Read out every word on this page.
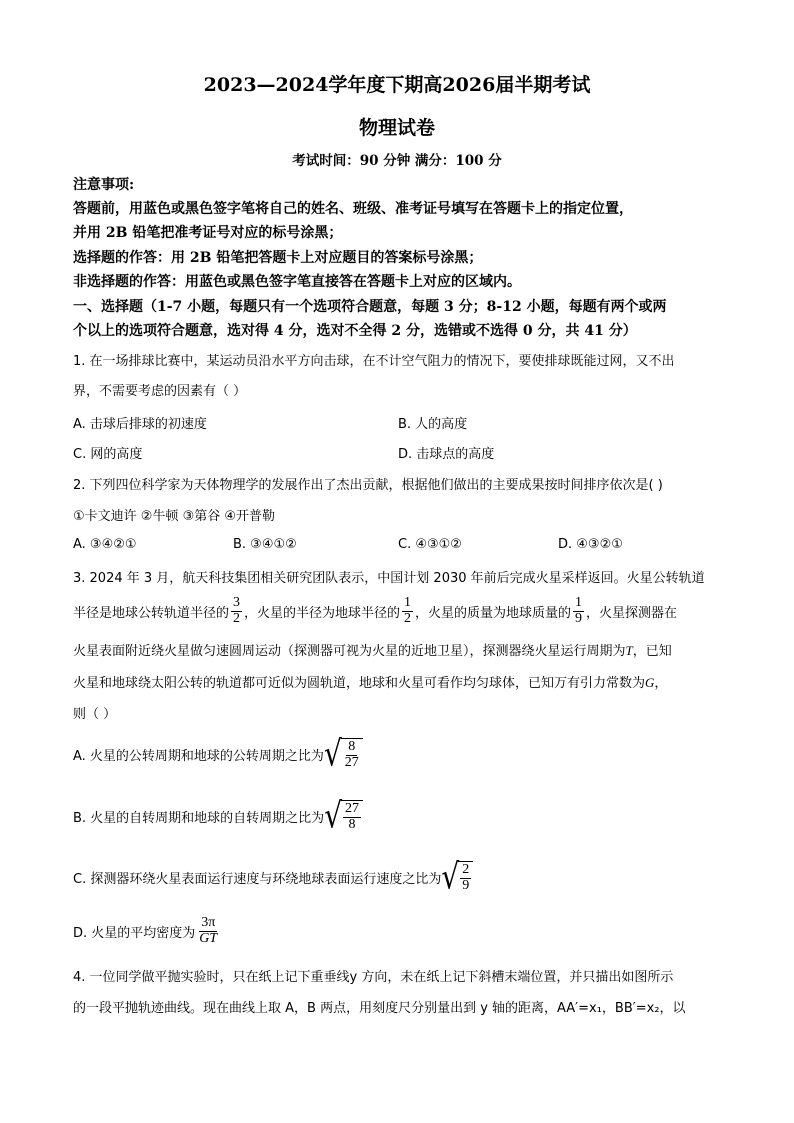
2023—2024学年度下期高2026届半期考试
物理试卷
考试时间：90 分钟 满分：100 分
注意事项:
答题前，用蓝色或黑色签字笔将自己的姓名、班级、准考证号填写在答题卡上的指定位置，
并用 2B 铅笔把准考证号对应的标号涂黑；
选择题的作答：用 2B 铅笔把答题卡上对应题目的答案标号涂黑；
非选择题的作答：用蓝色或黑色签字笔直接答在答题卡上对应的区域内。
一、选择题（1-7 小题，每题只有一个选项符合题意，每题 3 分；8-12 小题，每题有两个或两
个以上的选项符合题意，选对得 4 分，选对不全得 2 分，选错或不选得 0 分，共 41 分）
1. 在一场排球比赛中，某运动员沿水平方向击球，在不计空气阻力的情况下，要使排球既能过网，又不出
界，不需要考虑的因素有（ ）
A. 击球后排球的初速度	B. 人的高度
C. 网的高度	D. 击球点的高度
2. 下列四位科学家为天体物理学的发展作出了杰出贡献，根据他们做出的主要成果按时间排序依次是( )
①卡文迪许 ②牛顿 ③第谷 ④开普勒
A. ③④②①	B. ③④①②	C. ④③①②	D. ④③②①
3. 2024 年 3 月，航天科技集团相关研究团队表示，中国计划 2030 年前后完成火星采样返回。火星公转轨道
半径是地球公转轨道半径的 $\frac{3}{2}$ ，火星的半径为地球半径的 $\frac{1}{2}$ ，火星的质量为地球质量的 $\frac{1}{9}$ ，火星探测器在
火星表面附近绕火星做匀速圆周运动（探测器可视为火星的近地卫星），探测器绕火星运行周期为T，已知
火星和地球绕太阳公转的轨道都可近似为圆轨道，地球和火星可看作均匀球体，已知万有引力常数为G，
则（ ）
A. 火星的公转周期和地球的公转周期之比为 √ $\frac{8}{27}$
B. 火星的自转周期和地球的自转周期之比为 √ $\frac{27}{8}$
C. 探测器环绕火星表面运行速度与环绕地球表面运行速度之比为 √ $\frac{2}{9}$
D. 火星的平均密度为 $\frac{3\pi}{GT}$
4. 一位同学做平抛实验时，只在纸上记下重垂线y 方向，未在纸上记下斜槽末端位置，并只描出如图所示
的一段平抛轨迹曲线。现在曲线上取 A，B 两点，用刻度尺分别量出到 y 轴的距离，AA′=x₁，BB′=x₂，以
